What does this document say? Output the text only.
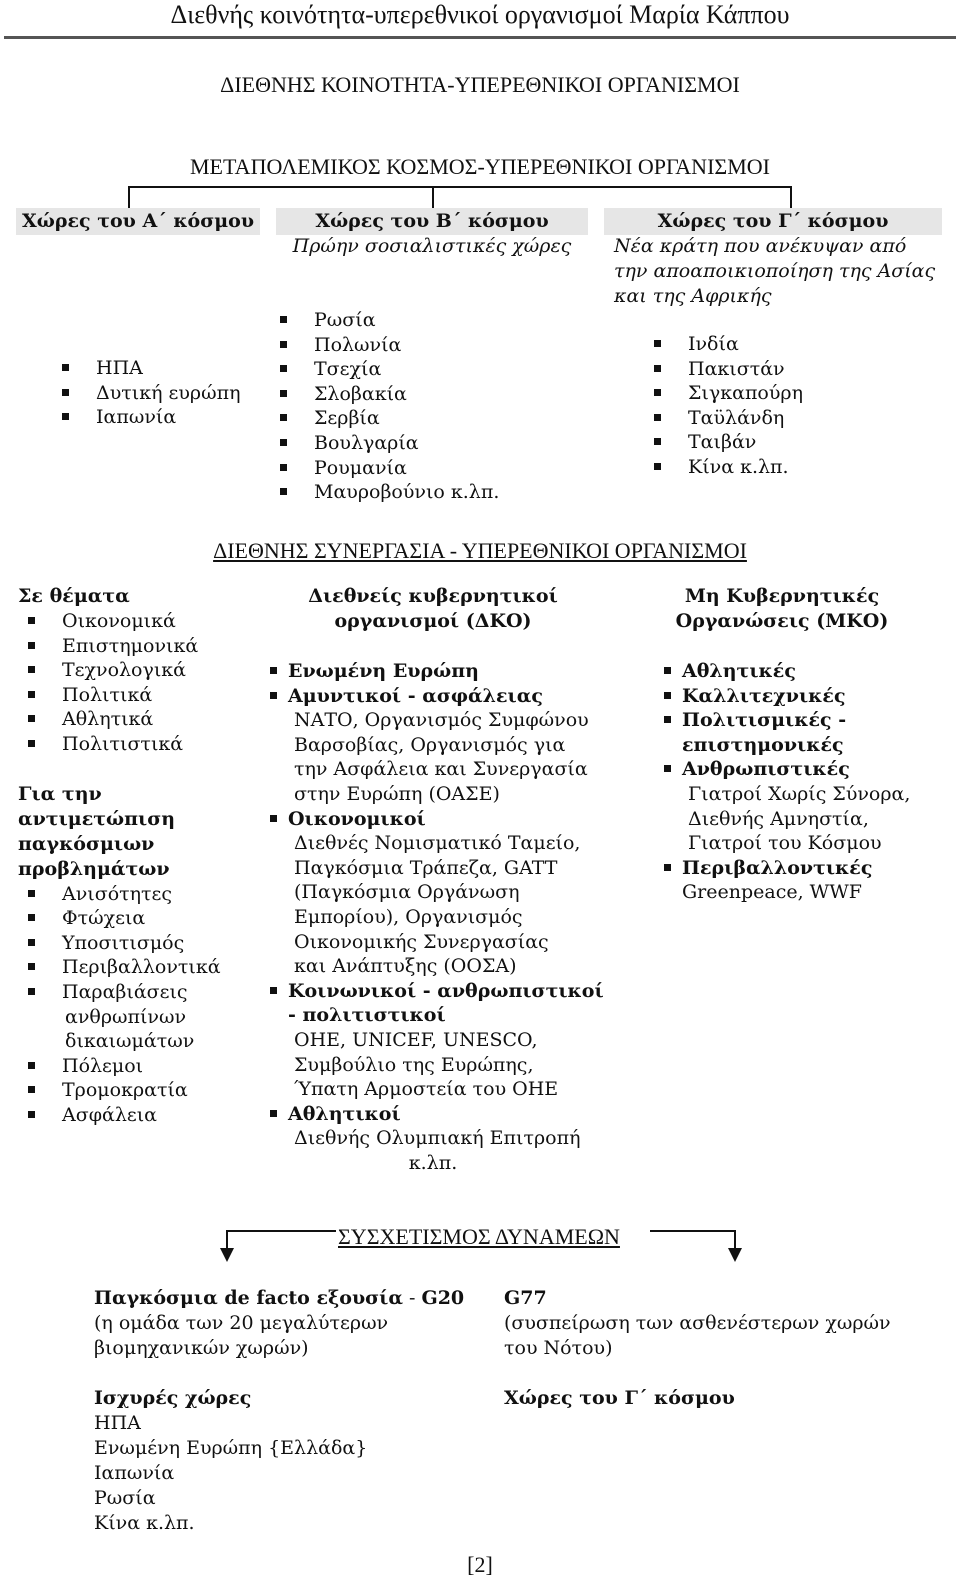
Διεθνής κοινότητα-υπερεθνικοί οργανισμοί Μαρία Κάππου
ΔΙΕΘΝΗΣ ΚΟΙΝΟΤΗΤΑ-ΥΠΕΡΕΘΝΙΚΟΙ ΟΡΓΑΝΙΣΜΟΙ
ΜΕΤΑΠΟΛΕΜΙΚΟΣ ΚΟΣΜΟΣ-ΥΠΕΡΕΘΝΙΚΟΙ ΟΡΓΑΝΙΣΜΟΙ
Χώρες του Α΄ κόσμου
ΗΠΑ
Δυτική ευρώπη
Ιαπωνία
Χώρες του Β΄ κόσμου
Πρώην σοσιαλιστικές χώρες
Ρωσία
Πολωνία
Τσεχία
Σλοβακία
Σερβία
Βουλγαρία
Ρουμανία
Μαυροβούνιο κ.λπ.
Χώρες του Γ΄ κόσμου
Νέα κράτη που ανέκυψαν από
την αποαποικιοποίηση της Ασίας
και της Αφρικής
Ινδία
Πακιστάν
Σιγκαπούρη
Ταϋλάνδη
Ταιβάν
Κίνα κ.λπ.
ΔΙΕΘΝΗΣ ΣΥΝΕΡΓΑΣΙΑ - ΥΠΕΡΕΘΝΙΚΟΙ ΟΡΓΑΝΙΣΜΟΙ
Σε θέματα
Οικονομικά
Επιστημονικά
Τεχνολογικά
Πολιτικά
Αθλητικά
Πολιτιστικά
Για την
αντιμετώπιση
παγκόσμιων
προβλημάτων
Ανισότητες
Φτώχεια
Υποσιτισμός
Περιβαλλοντικά
Παραβιάσεις
ανθρωπίνων
δικαιωμάτων
Πόλεμοι
Τρομοκρατία
Ασφάλεια
Διεθνείς κυβερνητικοί
οργανισμοί (ΔΚΟ)
Ενωμένη Ευρώπη
Αμυντικοί - ασφάλειας
ΝΑΤΟ, Οργανισμός Συμφώνου
Βαρσοβίας, Οργανισμός για
την Ασφάλεια και Συνεργασία
στην Ευρώπη (ΟΑΣΕ)
Οικονομικοί
Διεθνές Νομισματικό Ταμείο,
Παγκόσμια Τράπεζα, GATT
(Παγκόσμια Οργάνωση
Εμπορίου), Οργανισμός
Οικονομικής Συνεργασίας
και Ανάπτυξης (ΟΟΣΑ)
Κοινωνικοί - ανθρωπιστικοί
- πολιτιστικοί
ΟΗΕ, UNICEF, UNESCO,
Συμβούλιο της Ευρώπης,
Ύπατη Αρμοστεία του ΟΗΕ
Αθλητικοί
Διεθνής Ολυμπιακή Επιτροπή
κ.λπ.
Μη Κυβερνητικές
Οργανώσεις (ΜΚΟ)
Αθλητικές
Καλλιτεχνικές
Πολιτισμικές -
επιστημονικές
Ανθρωπιστικές
Γιατροί Χωρίς Σύνορα,
Διεθνής Αμνηστία,
Γιατροί του Κόσμου
Περιβαλλοντικές
Greenpeace, WWF
ΣΥΣΧΕΤΙΣΜΟΣ ΔΥΝΑΜΕΩΝ
Παγκόσμια de facto εξουσία - G20
(η ομάδα των 20 μεγαλύτερων
βιομηχανικών χωρών)
Ισχυρές χώρες
ΗΠΑ
Ενωμένη Ευρώπη {Ελλάδα}
Ιαπωνία
Ρωσία
Κίνα κ.λπ.
G77
(συσπείρωση των ασθενέστερων χωρών
του Νότου)
Χώρες του Γ΄ κόσμου
[2]
